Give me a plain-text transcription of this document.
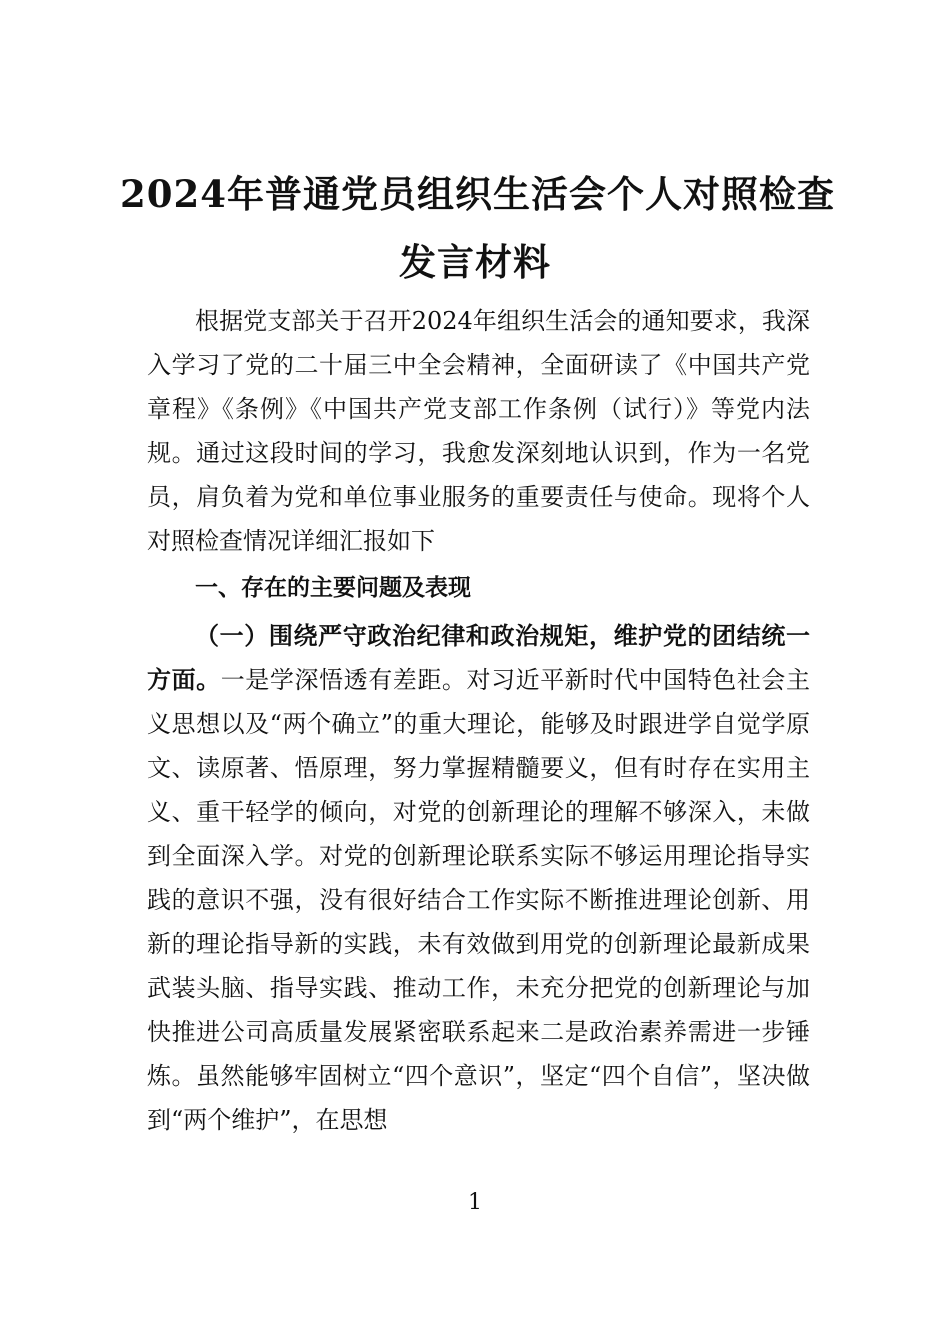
2024年普通党员组织生活会个人对照检查
发言材料

根据党支部关于召开2024年组织生活会的通知要求，我深入学习了党的二十届三中全会精神，全面研读了《中国共产党章程》《条例》《中国共产党支部工作条例（试行）》等党内法规。通过这段时间的学习，我愈发深刻地认识到，作为一名党员，肩负着为党和单位事业服务的重要责任与使命。现将个人对照检查情况详细汇报如下

一、存在的主要问题及表现

（一）围绕严守政治纪律和政治规矩，维护党的团结统一方面。一是学深悟透有差距。对习近平新时代中国特色社会主义思想以及“两个确立”的重大理论，能够及时跟进学自觉学原文、读原著、悟原理，努力掌握精髓要义，但有时存在实用主义、重干轻学的倾向，对党的创新理论的理解不够深入，未做到全面深入学。对党的创新理论联系实际不够运用理论指导实践的意识不强，没有很好结合工作实际不断推进理论创新、用新的理论指导新的实践，未有效做到用党的创新理论最新成果武装头脑、指导实践、推动工作，未充分把党的创新理论与加快推进公司高质量发展紧密联系起来二是政治素养需进一步锤炼。虽然能够牢固树立“四个意识”，坚定“四个自信”，坚决做到“两个维护”，在思想

1
